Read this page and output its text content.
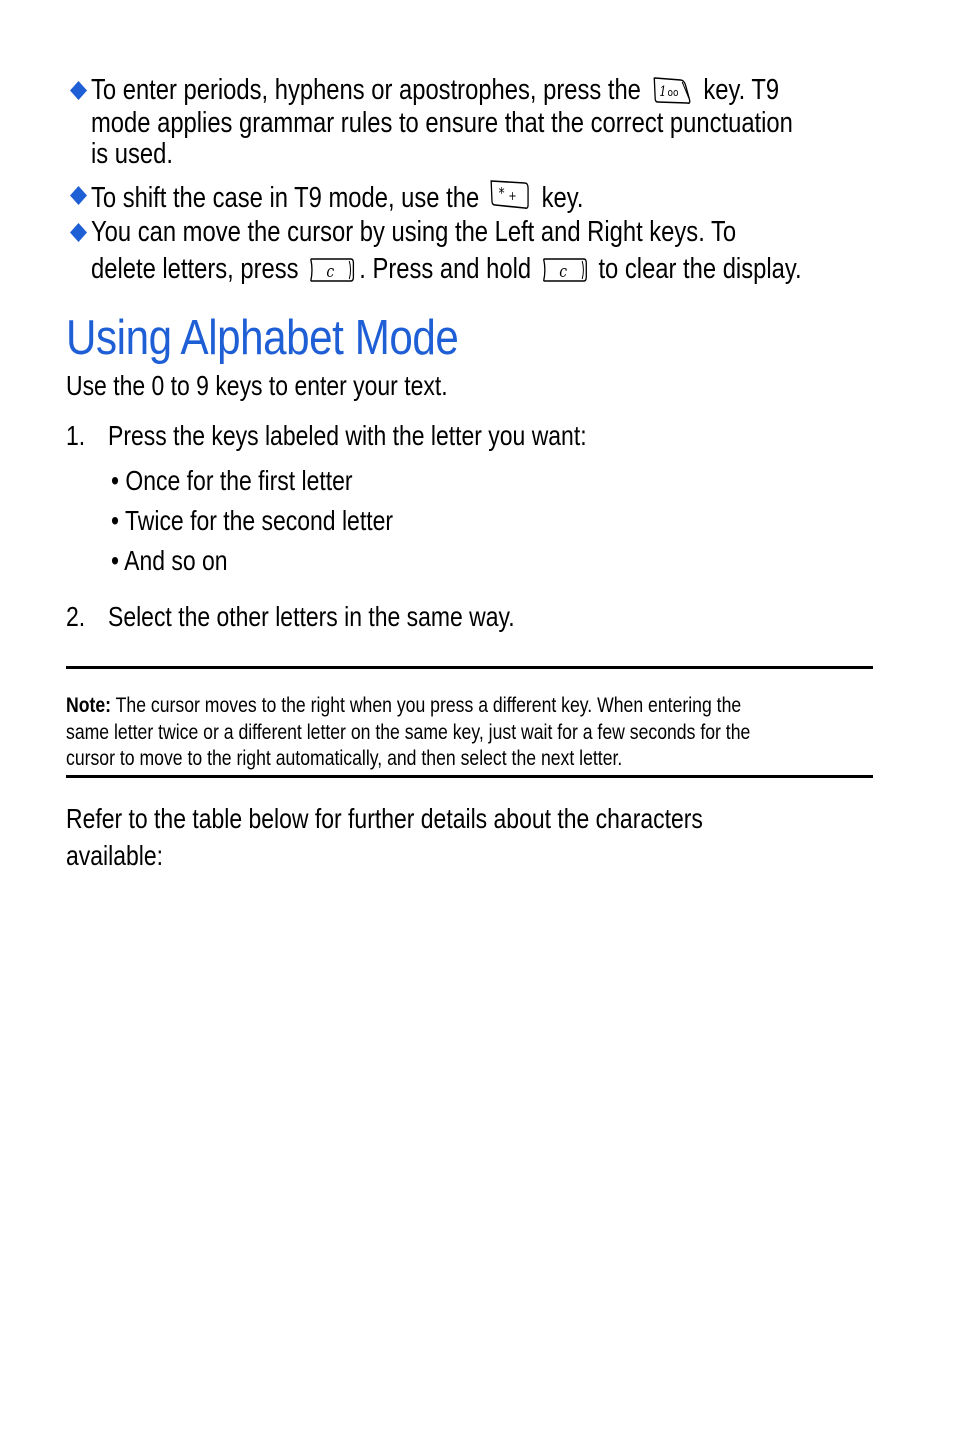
To enter periods, hyphens or apostrophes, press the 1 o⁠o key. T9
mode applies grammar rules to ensure that the correct punctuation
is used.
To shift the case in T9 mode, use the * + key.
You can move the cursor by using the Left and Right keys. To
delete letters, press c . Press and hold c to clear the display.
Using Alphabet Mode
Use the 0 to 9 keys to enter your text.
1. Press the keys labeled with the letter you want:
• Once for the first letter
• Twice for the second letter
• And so on
2. Select the other letters in the same way.
Note: The cursor moves to the right when you press a different key. When entering the
same letter twice or a different letter on the same key, just wait for a few seconds for the
cursor to move to the right automatically, and then select the next letter.
Refer to the table below for further details about the characters
available:
